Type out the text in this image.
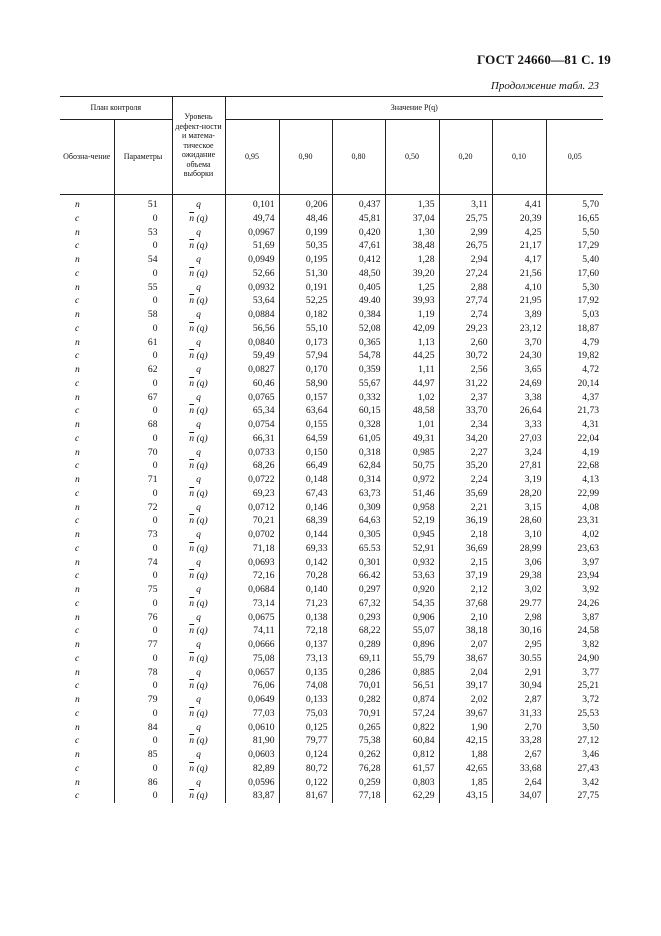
ГОСТ 24660—81 С. 19
Продолжение табл. 23
План контроля		Уровень дефект-ности и матема-тическое ожидание объема выборки	Значение P(q)						
Обозна-чение	Параметры		0,95	0,90	0,80	0,50	0,20	0,10	0,05
n	51	q	0,101	0,206	0,437	1,35	3,11	4,41	5,70
c	0	$\overline{n}$ (q)	49,74	48,46	45,81	37,04	25,75	20,39	16,65
n	53	q	0,0967	0,199	0,420	1,30	2,99	4,25	5,50
c	0	$\overline{n}$ (q)	51,69	50,35	47,61	38,48	26,75	21,17	17,29
n	54	q	0,0949	0,195	0,412	1,28	2,94	4,17	5,40
c	0	$\overline{n}$ (q)	52,66	51,30	48,50	39,20	27,24	21,56	17,60
n	55	q	0,0932	0,191	0,405	1,25	2,88	4,10	5,30
c	0	$\overline{n}$ (q)	53,64	52,25	49.40	39,93	27,74	21,95	17,92
n	58	q	0,0884	0,182	0,384	1,19	2,74	3,89	5,03
c	0	$\overline{n}$ (q)	56,56	55,10	52,08	42,09	29,23	23,12	18,87
n	61	q	0,0840	0,173	0,365	1,13	2,60	3,70	4,79
c	0	$\overline{n}$ (q)	59,49	57,94	54,78	44,25	30,72	24,30	19,82
n	62	q	0,0827	0,170	0,359	1,11	2,56	3,65	4,72
c	0	$\overline{n}$ (q)	60,46	58,90	55,67	44,97	31,22	24,69	20,14
n	67	q	0,0765	0,157	0,332	1,02	2,37	3,38	4,37
c	0	$\overline{n}$ (q)	65,34	63,64	60,15	48,58	33,70	26,64	21,73
n	68	q	0,0754	0,155	0,328	1,01	2,34	3,33	4,31
c	0	$\overline{n}$ (q)	66,31	64,59	61,05	49,31	34,20	27,03	22,04
n	70	q	0,0733	0,150	0,318	0,985	2,27	3,24	4,19
c	0	$\overline{n}$ (q)	68,26	66,49	62,84	50,75	35,20	27,81	22,68
n	71	q	0,0722	0,148	0,314	0,972	2,24	3,19	4,13
c	0	$\overline{n}$ (q)	69,23	67,43	63,73	51,46	35,69	28,20	22,99
n	72	q	0,0712	0,146	0,309	0,958	2,21	3,15	4,08
c	0	$\overline{n}$ (q)	70,21	68,39	64,63	52,19	36,19	28,60	23,31
n	73	q	0,0702	0,144	0,305	0,945	2,18	3,10	4,02
c	0	$\overline{n}$ (q)	71,18	69,33	65.53	52,91	36,69	28,99	23,63
n	74	q	0,0693	0,142	0,301	0,932	2,15	3,06	3,97
c	0	$\overline{n}$ (q)	72,16	70,28	66.42	53,63	37,19	29,38	23,94
n	75	q	0,0684	0,140	0,297	0,920	2,12	3,02	3,92
c	0	$\overline{n}$ (q)	73,14	71,23	67,32	54,35	37,68	29.77	24,26
n	76	q	0,0675	0,138	0,293	0,906	2,10	2,98	3,87
c	0	$\overline{n}$ (q)	74,11	72,18	68,22	55,07	38,18	30,16	24,58
n	77	q	0,0666	0,137	0,289	0,896	2,07	2,95	3,82
c	0	$\overline{n}$ (q)	75,08	73,13	69,11	55,79	38,67	30.55	24,90
n	78	q	0,0657	0,135	0,286	0,885	2,04	2,91	3,77
c	0	$\overline{n}$ (q)	76,06	74,08	70,01	56,51	39,17	30,94	25,21
n	79	q	0,0649	0,133	0,282	0,874	2,02	2,87	3,72
c	0	$\overline{n}$ (q)	77,03	75,03	70,91	57,24	39,67	31,33	25,53
n	84	q	0,0610	0,125	0,265	0,822	1,90	2,70	3,50
c	0	$\overline{n}$ (q)	81,90	79,77	75,38	60,84	42,15	33,28	27,12
n	85	q	0,0603	0,124	0,262	0,812	1,88	2,67	3,46
c	0	$\overline{n}$ (q)	82,89	80,72	76,28	61,57	42,65	33,68	27,43
n	86	q	0,0596	0,122	0,259	0,803	1,85	2,64	3,42
c	0	$\overline{n}$ (q)	83,87	81,67	77,18	62,29	43,15	34,07	27,75
